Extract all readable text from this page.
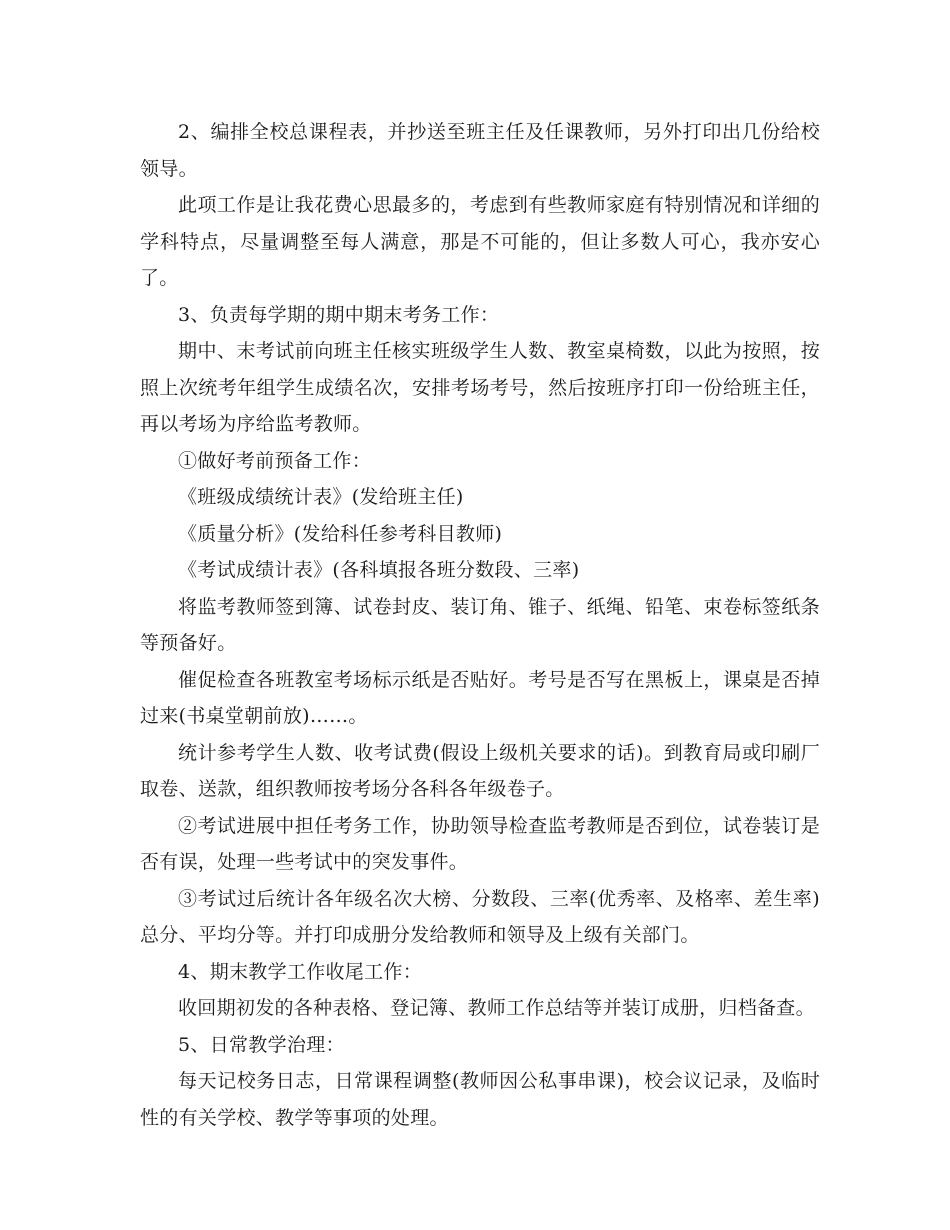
2、编排全校总课程表，并抄送至班主任及任课教师，另外打印出几份给校领导。

此项工作是让我花费心思最多的，考虑到有些教师家庭有特别情况和详细的学科特点，尽量调整至每人满意，那是不可能的，但让多数人可心，我亦安心了。

3、负责每学期的期中期末考务工作：

期中、末考试前向班主任核实班级学生人数、教室桌椅数，以此为按照，按照上次统考年组学生成绩名次，安排考场考号，然后按班序打印一份给班主任，再以考场为序给监考教师。

①做好考前预备工作：

《班级成绩统计表》(发给班主任)

《质量分析》(发给科任参考科目教师)

《考试成绩计表》(各科填报各班分数段、三率)

将监考教师签到簿、试卷封皮、装订角、锥子、纸绳、铅笔、束卷标签纸条等预备好。

催促检查各班教室考场标示纸是否贴好。考号是否写在黑板上，课桌是否掉过来(书桌堂朝前放)……。

统计参考学生人数、收考试费(假设上级机关要求的话)。到教育局或印刷厂取卷、送款，组织教师按考场分各科各年级卷子。

②考试进展中担任考务工作，协助领导检查监考教师是否到位，试卷装订是否有误，处理一些考试中的突发事件。

③考试过后统计各年级名次大榜、分数段、三率(优秀率、及格率、差生率)总分、平均分等。并打印成册分发给教师和领导及上级有关部门。

4、期末教学工作收尾工作：

收回期初发的各种表格、登记簿、教师工作总结等并装订成册，归档备查。

5、日常教学治理：

每天记校务日志，日常课程调整(教师因公私事串课)，校会议记录，及临时性的有关学校、教学等事项的处理。
